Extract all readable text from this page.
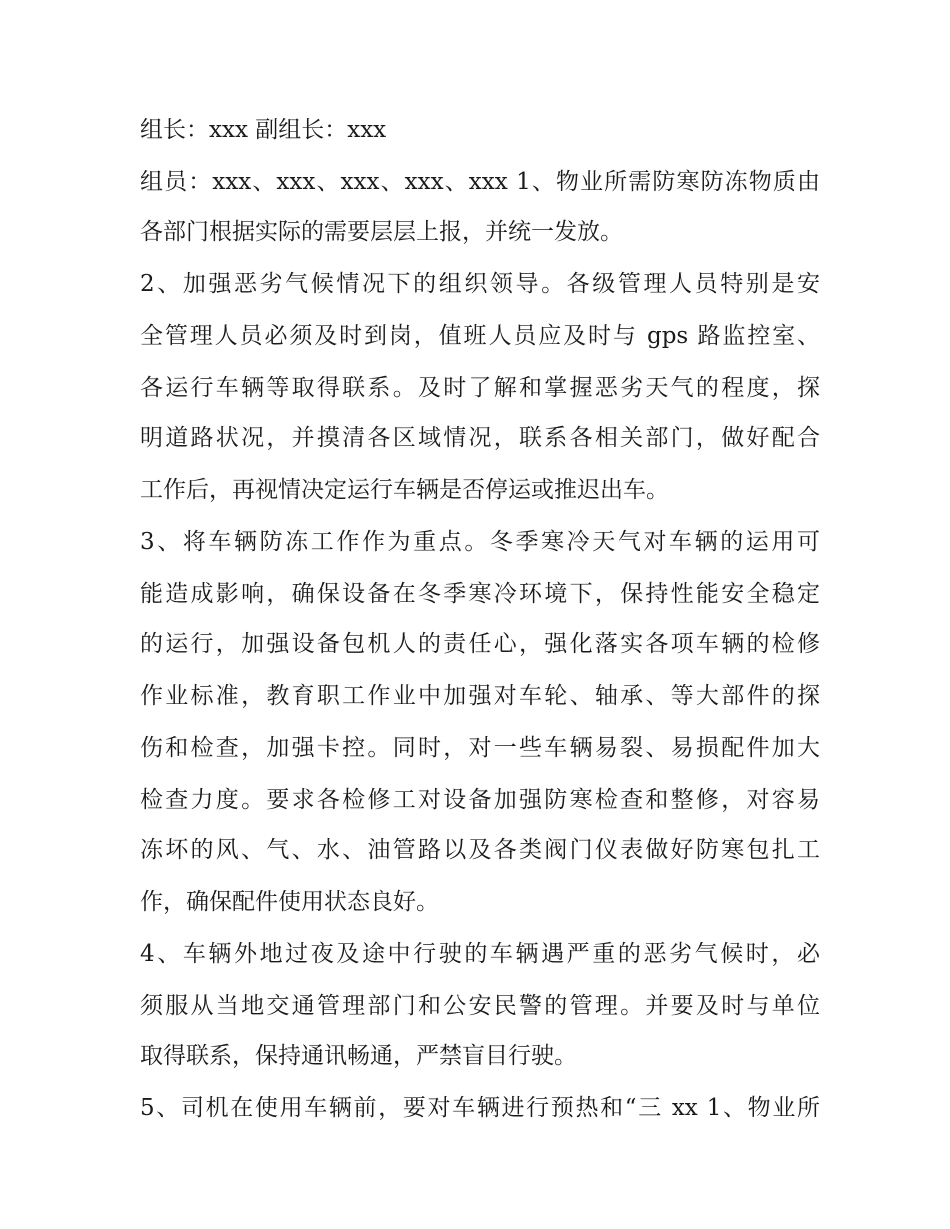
组长：xxx 副组长：xxx
组员：xxx、xxx、xxx、xxx、xxx 1、物业所需防寒防冻物质由
各部门根据实际的需要层层上报，并统一发放。
2、加强恶劣气候情况下的组织领导。各级管理人员特别是安
全管理人员必须及时到岗，值班人员应及时与 gps 路监控室、
各运行车辆等取得联系。及时了解和掌握恶劣天气的程度，探
明道路状况，并摸清各区域情况，联系各相关部门，做好配合
工作后，再视情决定运行车辆是否停运或推迟出车。
3、将车辆防冻工作作为重点。冬季寒冷天气对车辆的运用可
能造成影响，确保设备在冬季寒冷环境下，保持性能安全稳定
的运行，加强设备包机人的责任心，强化落实各项车辆的检修
作业标准，教育职工作业中加强对车轮、轴承、等大部件的探
伤和检查，加强卡控。同时，对一些车辆易裂、易损配件加大
检查力度。要求各检修工对设备加强防寒检查和整修，对容易
冻坏的风、气、水、油管路以及各类阀门仪表做好防寒包扎工
作，确保配件使用状态良好。
4、车辆外地过夜及途中行驶的车辆遇严重的恶劣气候时，必
须服从当地交通管理部门和公安民警的管理。并要及时与单位
取得联系，保持通讯畅通，严禁盲目行驶。
5、司机在使用车辆前，要对车辆进行预热和“三 xx 1、物业所
